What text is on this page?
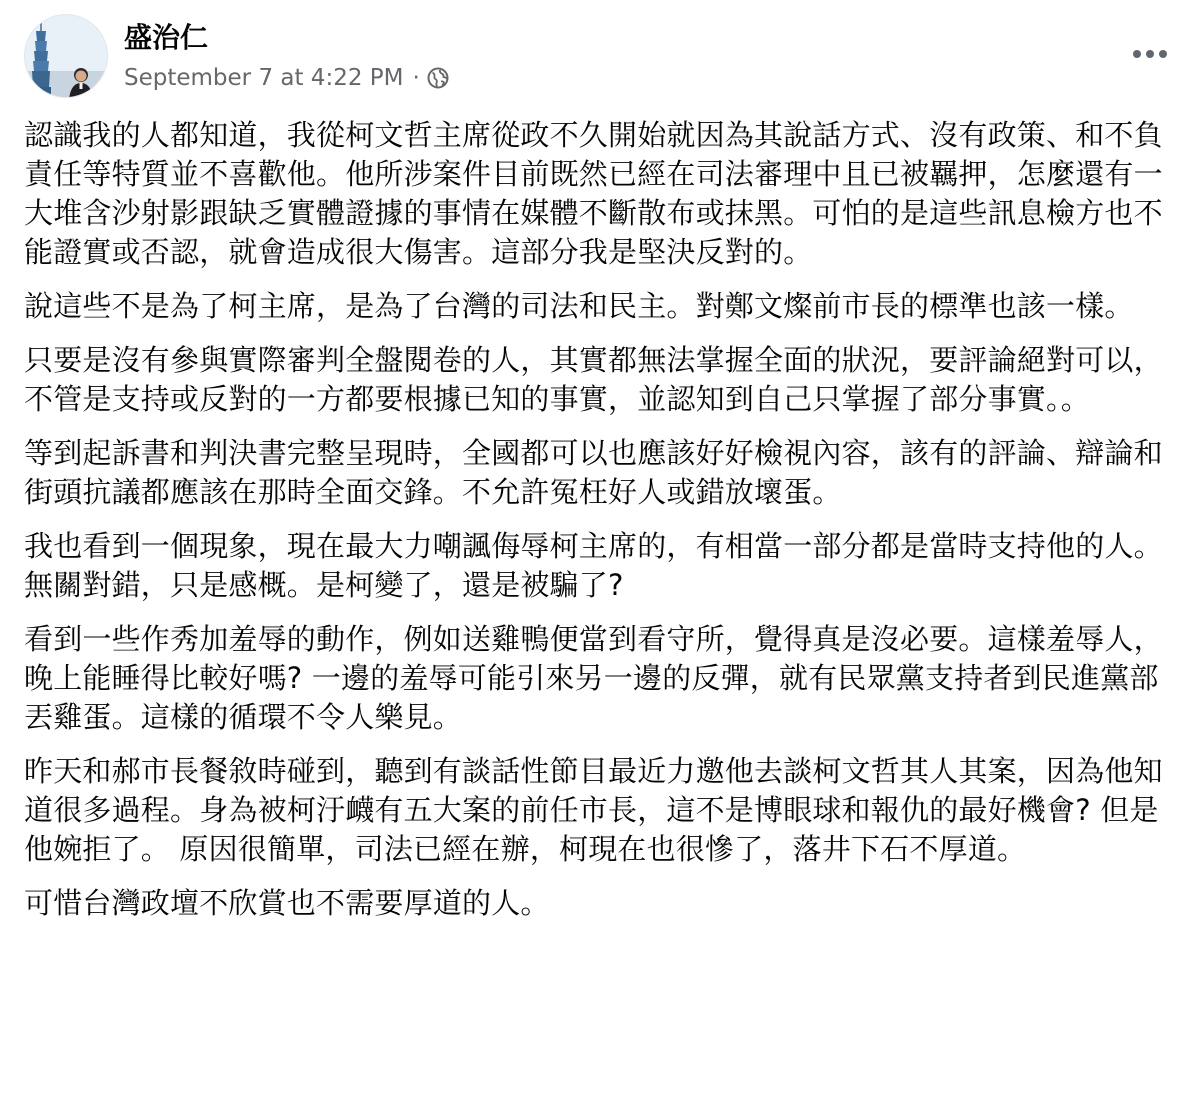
盛治仁
September 7 at 4:22 PM ·

認識我的人都知道，我從柯文哲主席從政不久開始就因為其說話方式、沒有政策、和不負責任等特質並不喜歡他。他所涉案件目前既然已經在司法審理中且已被羈押，怎麼還有一大堆含沙射影跟缺乏實體證據的事情在媒體不斷散布或抹黑。可怕的是這些訊息檢方也不能證實或否認，就會造成很大傷害。這部分我是堅決反對的。

說這些不是為了柯主席，是為了台灣的司法和民主。對鄭文燦前市長的標準也該一樣。

只要是沒有參與實際審判全盤閱卷的人，其實都無法掌握全面的狀況，要評論絕對可以，不管是支持或反對的一方都要根據已知的事實，並認知到自己只掌握了部分事實。。

等到起訴書和判決書完整呈現時，全國都可以也應該好好檢視內容，該有的評論、辯論和街頭抗議都應該在那時全面交鋒。不允許冤枉好人或錯放壞蛋。

我也看到一個現象，現在最大力嘲諷侮辱柯主席的，有相當一部分都是當時支持他的人。無關對錯，只是感概。是柯變了，還是被騙了?

看到一些作秀加羞辱的動作，例如送雞鴨便當到看守所，覺得真是沒必要。這樣羞辱人，晚上能睡得比較好嗎? 一邊的羞辱可能引來另一邊的反彈，就有民眾黨支持者到民進黨部丟雞蛋。這樣的循環不令人樂見。

昨天和郝市長餐敘時碰到，聽到有談話性節目最近力邀他去談柯文哲其人其案，因為他知道很多過程。身為被柯汙衊有五大案的前任市長，這不是博眼球和報仇的最好機會? 但是他婉拒了。 原因很簡單，司法已經在辦，柯現在也很慘了，落井下石不厚道。

可惜台灣政壇不欣賞也不需要厚道的人。
